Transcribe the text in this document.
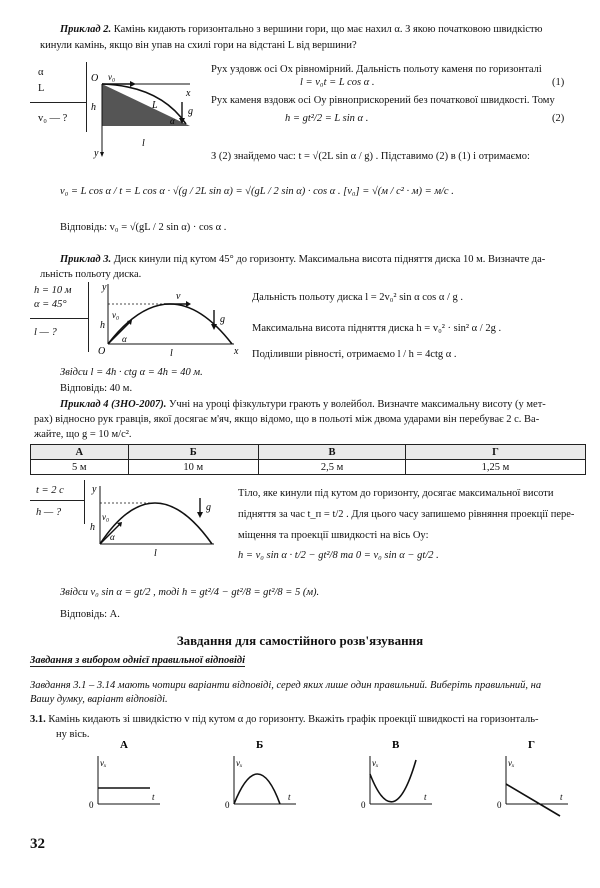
Приклад 2. Камінь кидають горизонтально з вершини гори, що має нахил α. З якою початковою швидкістю
кинули камінь, якщо він упав на схилі гори на відстані L від вершини?
α
L
v₀ — ?
O v₀
x
h	g
L
α
y
l
Рух уздовж осі Ox рівномірний. Дальність польоту каменя по горизонталі
l = v₀t = L cos α .	(1)
Рух каменя вздовж осі Oy рівноприскорений без початкової швидкості. Тому
h = gt²/2 = L sin α .	(2)
З (2) знайдемо час: t = √(2L sin α / g) . Підставимо (2) в (1) і отримаємо:
v₀ = L cos α / t = L cos α · √(g / 2L sin α) = √(gL / 2 sin α) · cos α . [v₀] = √(м / с² · м) = м/с .
Відповідь: v₀ = √(gL / 2 sin α) · cos α .
Приклад 3. Диск кинули під кутом 45° до горизонту. Максимальна висота підняття диска 10 м. Визначте да-
льність польоту диска.
h = 10 м
α = 45°
l — ?
y
v₀
v
g
h
O
α
l	x
Дальність польоту диска l = 2v₀² sin α cos α / g .
Максимальна висота підняття диска h = v₀² · sin² α / 2g .
Поділивши рівності, отримаємо l / h = 4ctg α .
Звідси l = 4h · ctg α = 4h = 40 м.
Відповідь: 40 м.
Приклад 4 (ЗНО-2007). Учні на уроці фізкультури грають у волейбол. Визначте максимальну висоту (у мет-
рах) відносно рук гравців, якої досягає м'яч, якщо відомо, що в польоті між двома ударами він перебуває 2 с. Ва-
жайте, що g = 10 м/с².
А	Б	В	Г
5 м	10 м	2,5 м	1,25 м
t = 2 с
h — ?
y
v₀
g
h
α
l
Тіло, яке кинули під кутом до горизонту, досягає максимальної висоти
підняття за час t_п = t/2 . Для цього часу запишемо рівняння проекції пере-
міщення та проекції швидкості на вісь Oy:
h = v₀ sin α · t/2 − gt²/8 та 0 = v₀ sin α − gt/2 .
Звідси v₀ sin α = gt/2 , тоді h = gt²/4 − gt²/8 = gt²/8 = 5 (м).
Відповідь: А.
Завдання для самостійного розв'язування
Завдання з вибором однієї правильної відповіді
Завдання 3.1 – 3.14 мають чотири варіанти відповіді, серед яких лише один правильний. Виберіть правильний, на
Вашу думку, варіант відповіді.
3.1. Камінь кидають зі швидкістю v під кутом α до горизонту. Вкажіть графік проекції швидкості на горизонталь-
ну вісь.
А
vₓ
t
0
Б
vₓ
t
0
В
vₓ
t
0
Г
vₓ
t
0
32
